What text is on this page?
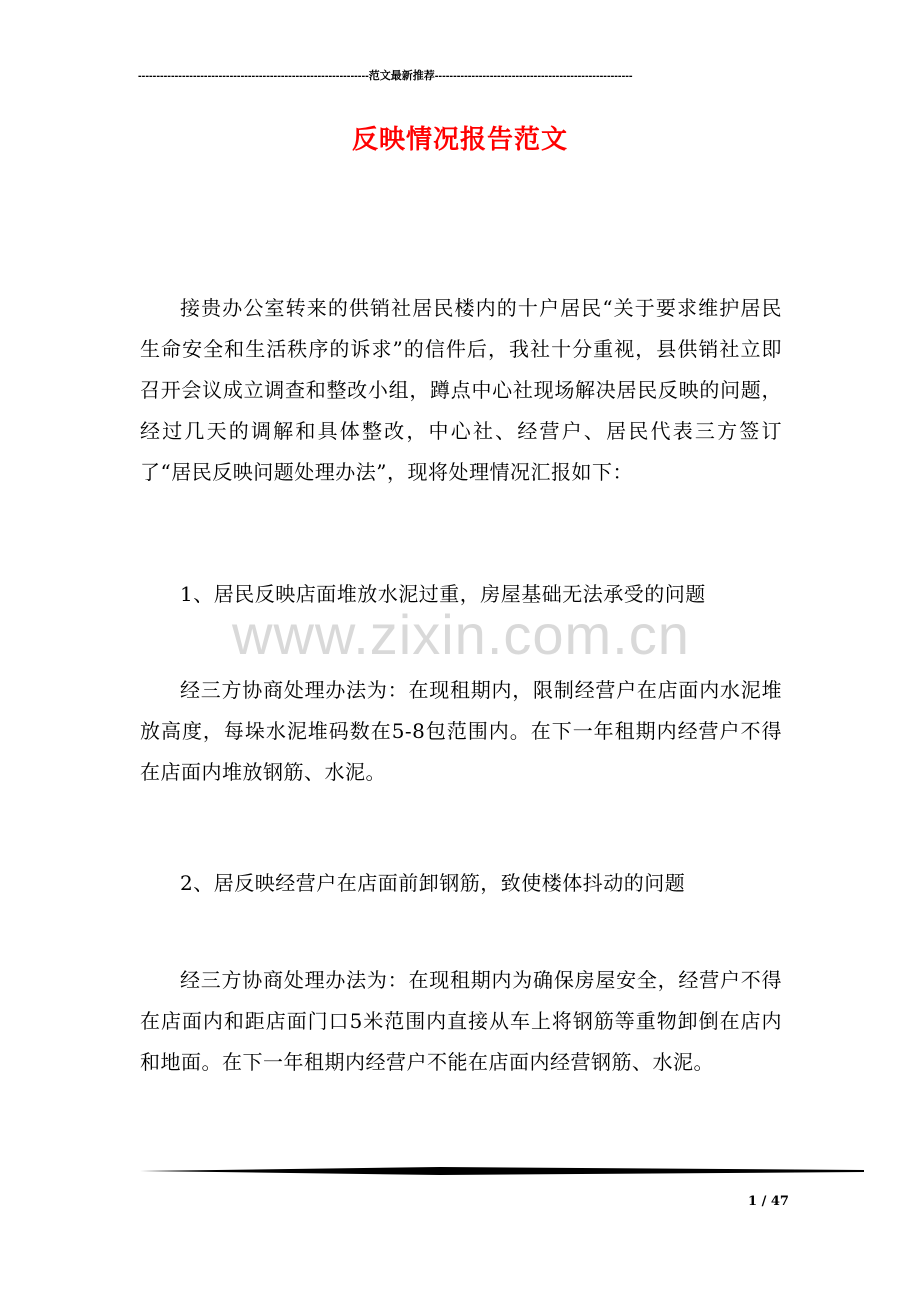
---------------------------------------------------------------范文最新推荐------------------------------------------------------
反映情况报告范文
接贵办公室转来的供销社居民楼内的十户居民“关于要求维护居民生命安全和生活秩序的诉求”的信件后，我社十分重视，县供销社立即召开会议成立调查和整改小组，蹲点中心社现场解决居民反映的问题，经过几天的调解和具体整改，中心社、经营户、居民代表三方签订了“居民反映问题处理办法”，现将处理情况汇报如下：
1、居民反映店面堆放水泥过重，房屋基础无法承受的问题
经三方协商处理办法为：在现租期内，限制经营户在店面内水泥堆放高度，每垛水泥堆码数在5-8包范围内。在下一年租期内经营户不得在店面内堆放钢筋、水泥。
2、居反映经营户在店面前卸钢筋，致使楼体抖动的问题
经三方协商处理办法为：在现租期内为确保房屋安全，经营户不得在店面内和距店面门口5米范围内直接从车上将钢筋等重物卸倒在店内和地面。在下一年租期内经营户不能在店面内经营钢筋、水泥。
www.zixin.com.cn
1 / 47
